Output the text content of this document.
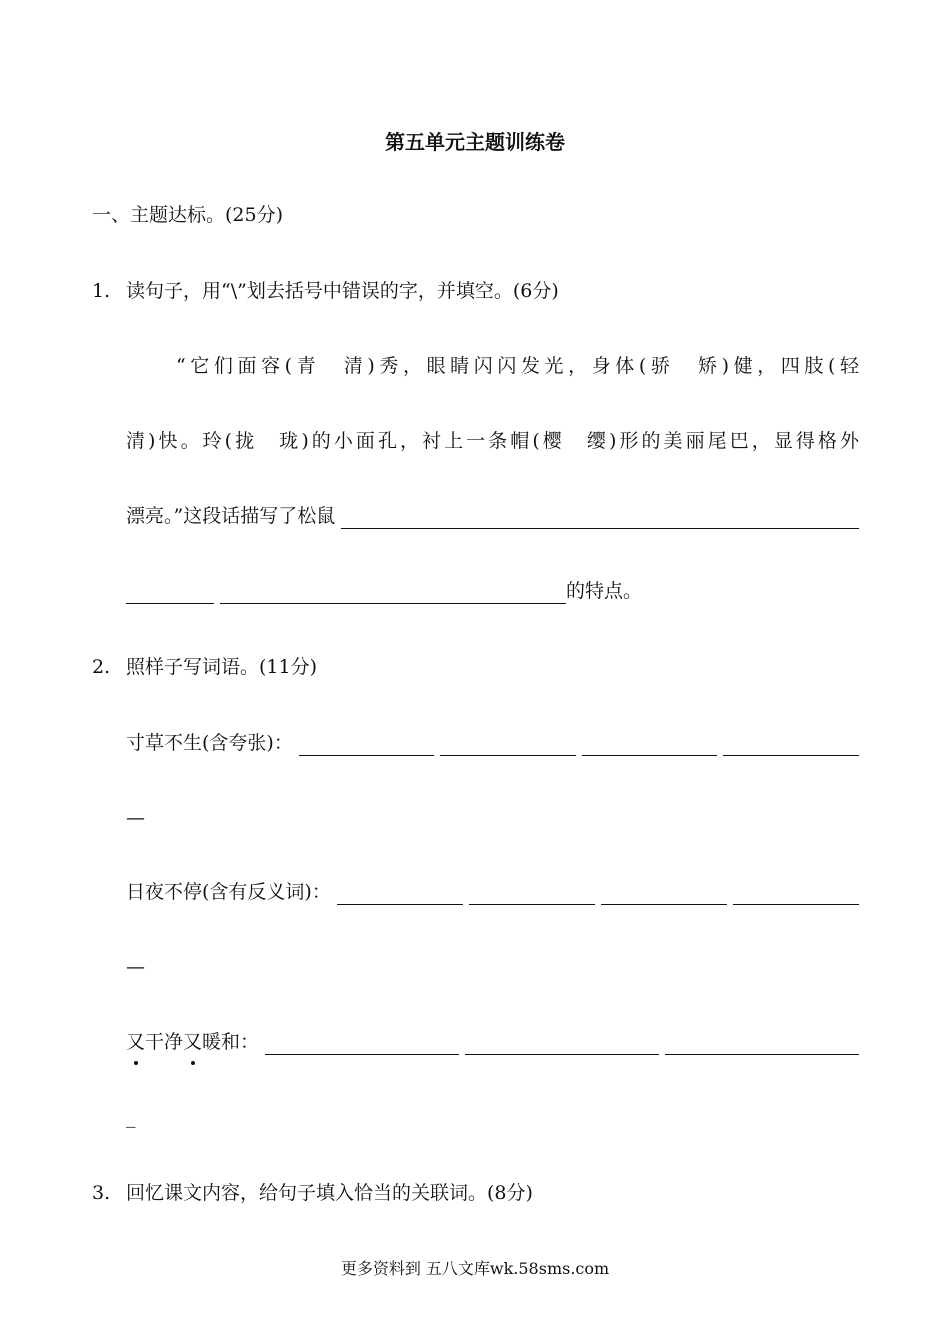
第五单元主题训练卷
一、主题达标。(25分)
1. 读句子，用“\”划去括号中错误的字，并填空。(6分)
“它们面容(青　清)秀，眼睛闪闪发光，身体(骄　矫)健，四肢(轻
清)快。玲(拢　珑)的小面孔，衬上一条帽(樱　缨)形的美丽尾巴，显得格外
漂亮。”这段话描写了松鼠
的特点。
2. 照样子写词语。(11分)
寸草不生(含夸张)：
—
日夜不停(含有反义词)：
—
又干净又暖和：
_
3. 回忆课文内容，给句子填入恰当的关联词。(8分)
更多资料到 五八文库wk.58sms.com
